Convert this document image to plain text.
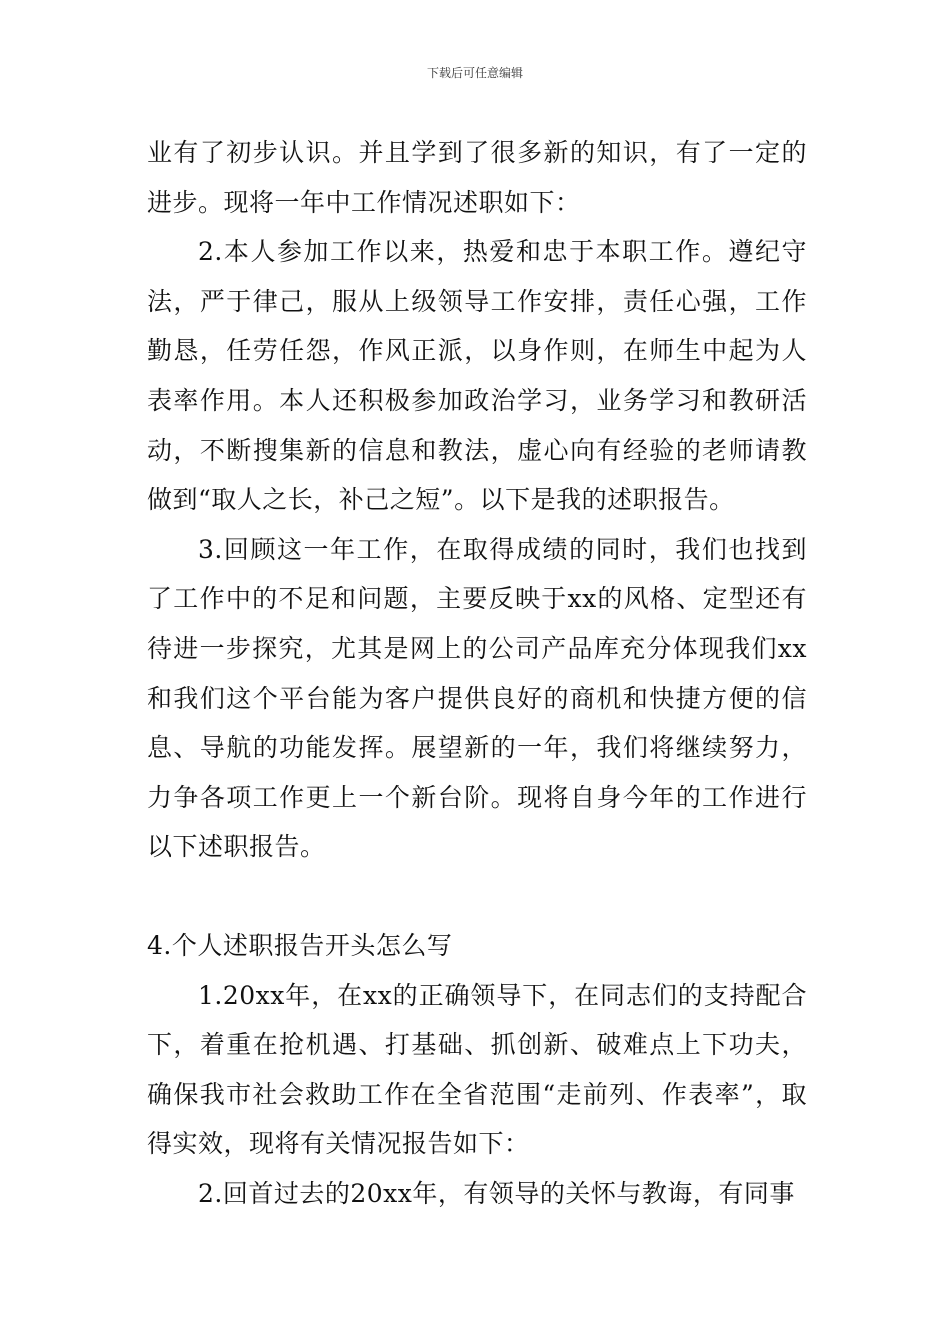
下载后可任意编辑

业有了初步认识。并且学到了很多新的知识，有了一定的进步。现将一年中工作情况述职如下：

2.本人参加工作以来，热爱和忠于本职工作。遵纪守法，严于律己，服从上级领导工作安排，责任心强，工作勤恳，任劳任怨，作风正派，以身作则，在师生中起为人表率作用。本人还积极参加政治学习，业务学习和教研活动，不断搜集新的信息和教法，虚心向有经验的老师请教做到“取人之长，补己之短”。以下是我的述职报告。

3.回顾这一年工作，在取得成绩的同时，我们也找到了工作中的不足和问题，主要反映于xx的风格、定型还有待进一步探究，尤其是网上的公司产品库充分体现我们xx和我们这个平台能为客户提供良好的商机和快捷方便的信息、导航的功能发挥。展望新的一年，我们将继续努力，力争各项工作更上一个新台阶。现将自身今年的工作进行以下述职报告。

4.个人述职报告开头怎么写

1.20xx年，在xx的正确领导下，在同志们的支持配合下，着重在抢机遇、打基础、抓创新、破难点上下功夫，确保我市社会救助工作在全省范围“走前列、作表率”，取得实效，现将有关情况报告如下：

2.回首过去的20xx年，有领导的关怀与教诲，有同事
